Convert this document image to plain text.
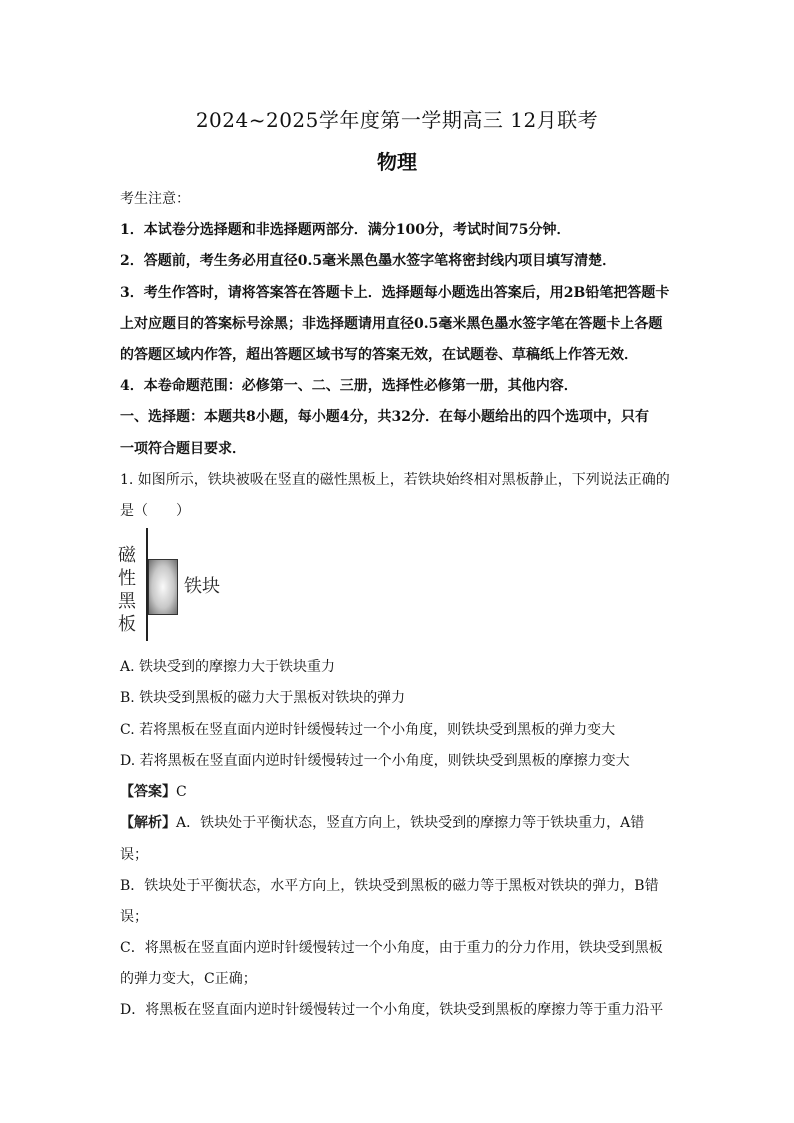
2024~2025学年度第一学期高三 12月联考
物理
考生注意：
1．本试卷分选择题和非选择题两部分．满分100分，考试时间75分钟．
2．答题前，考生务必用直径0.5毫米黑色墨水签字笔将密封线内项目填写清楚．
3．考生作答时，请将答案答在答题卡上．选择题每小题选出答案后，用2B铅笔把答题卡
上对应题目的答案标号涂黑；非选择题请用直径0.5毫米黑色墨水签字笔在答题卡上各题
的答题区域内作答，超出答题区域书写的答案无效，在试题卷、草稿纸上作答无效．
4．本卷命题范围：必修第一、二、三册，选择性必修第一册，其他内容．
一、选择题：本题共8小题，每小题4分，共32分．在每小题给出的四个选项中，只有
一项符合题目要求．
1. 如图所示，铁块被吸在竖直的磁性黑板上，若铁块始终相对黑板静止，下列说法正确的
是（　　）
磁性黑板
铁块
A. 铁块受到的摩擦力大于铁块重力
B. 铁块受到黑板的磁力大于黑板对铁块的弹力
C. 若将黑板在竖直面内逆时针缓慢转过一个小角度，则铁块受到黑板的弹力变大
D. 若将黑板在竖直面内逆时针缓慢转过一个小角度，则铁块受到黑板的摩擦力变大
【答案】C
【解析】A．铁块处于平衡状态，竖直方向上，铁块受到的摩擦力等于铁块重力，A错
误；
B．铁块处于平衡状态，水平方向上，铁块受到黑板的磁力等于黑板对铁块的弹力，B错
误；
C．将黑板在竖直面内逆时针缓慢转过一个小角度，由于重力的分力作用，铁块受到黑板
的弹力变大，C正确；
D．将黑板在竖直面内逆时针缓慢转过一个小角度，铁块受到黑板的摩擦力等于重力沿平
